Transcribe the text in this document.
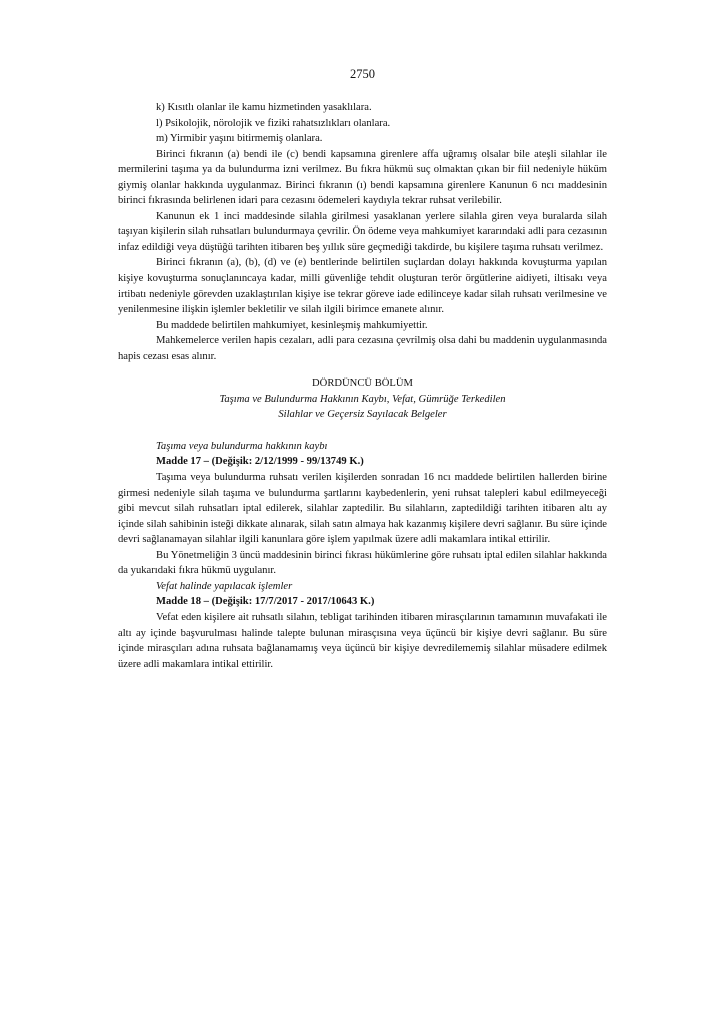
2750

k) Kısıtlı olanlar ile kamu hizmetinden yasaklılara.

l) Psikolojik, nörolojik ve fiziki rahatsızlıkları olanlara.

m) Yirmibir yaşını bitirmemiş olanlara.

Birinci fıkranın (a) bendi ile (c) bendi kapsamına girenlere affa uğramış olsalar bile ateşli silahlar ile mermilerini taşıma ya da bulundurma izni verilmez. Bu fıkra hükmü suç olmaktan çıkan bir fiil nedeniyle hüküm giymiş olanlar hakkında uygulanmaz. Birinci fıkranın (ı) bendi kapsamına girenlere Kanunun 6 ncı maddesinin birinci fıkrasında belirlenen idari para cezasını ödemeleri kaydıyla tekrar ruhsat verilebilir.

Kanunun ek 1 inci maddesinde silahla girilmesi yasaklanan yerlere silahla giren veya buralarda silah taşıyan kişilerin silah ruhsatları bulundurmaya çevrilir. Ön ödeme veya mahkumiyet kararındaki adli para cezasının infaz edildiği veya düştüğü tarihten itibaren beş yıllık süre geçmediği takdirde, bu kişilere taşıma ruhsatı verilmez.

Birinci fıkranın (a), (b), (d) ve (e) bentlerinde belirtilen suçlardan dolayı hakkında kovuşturma yapılan kişiye kovuşturma sonuçlanıncaya kadar, milli güvenliğe tehdit oluşturan terör örgütlerine aidiyeti, iltisakı veya irtibatı nedeniyle görevden uzaklaştırılan kişiye ise tekrar göreve iade edilinceye kadar silah ruhsatı verilmesine ve yenilenmesine ilişkin işlemler bekletilir ve silah ilgili birimce emanete alınır.

Bu maddede belirtilen mahkumiyet, kesinleşmiş mahkumiyettir.

Mahkemelerce verilen hapis cezaları, adli para cezasına çevrilmiş olsa dahi bu maddenin uygulanmasında hapis cezası esas alınır.

DÖRDÜNCÜ BÖLÜM
Taşıma ve Bulundurma Hakkının Kaybı, Vefat, Gümrüğe Terkedilen
Silahlar ve Geçersiz Sayılacak Belgeler

Taşıma veya bulundurma hakkının kaybı

Madde 17 – (Değişik: 2/12/1999 - 99/13749 K.)

Taşıma veya bulundurma ruhsatı verilen kişilerden sonradan 16 ncı maddede belirtilen hallerden birine girmesi nedeniyle silah taşıma ve bulundurma şartlarını kaybedenlerin, yeni ruhsat talepleri kabul edilmeyeceği gibi mevcut silah ruhsatları iptal edilerek, silahlar zaptedilir. Bu silahların, zaptedildiği tarihten itibaren altı ay içinde silah sahibinin isteği dikkate alınarak, silah satın almaya hak kazanmış kişilere devri sağlanır. Bu süre içinde devri sağlanamayan silahlar ilgili kanunlara göre işlem yapılmak üzere adli makamlara intikal ettirilir.

Bu Yönetmeliğin 3 üncü maddesinin birinci fıkrası hükümlerine göre ruhsatı iptal edilen silahlar hakkında da yukarıdaki fıkra hükmü uygulanır.

Vefat halinde yapılacak işlemler

Madde 18 – (Değişik: 17/7/2017 - 2017/10643 K.)

Vefat eden kişilere ait ruhsatlı silahın, tebligat tarihinden itibaren mirasçılarının tamamının muvafakati ile altı ay içinde başvurulması halinde talepte bulunan mirasçısına veya üçüncü bir kişiye devri sağlanır. Bu süre içinde mirasçıları adına ruhsata bağlanamamış veya üçüncü bir kişiye devredilememiş silahlar müsadere edilmek üzere adli makamlara intikal ettirilir.
